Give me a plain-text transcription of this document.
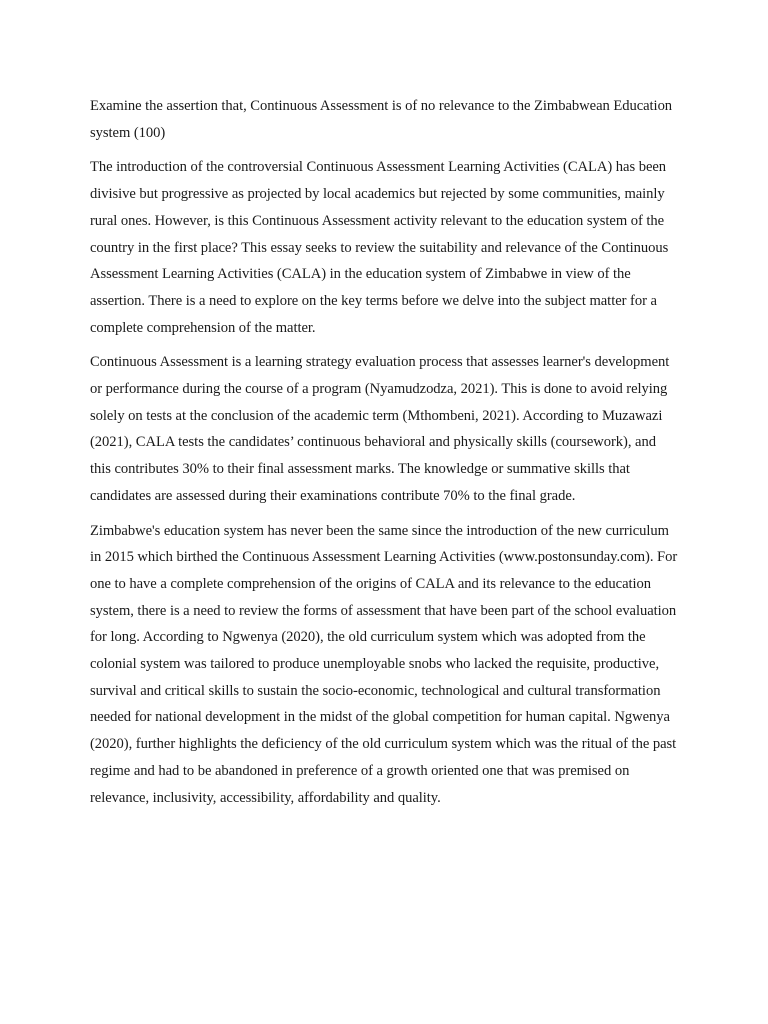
Examine the assertion that, Continuous Assessment is of no relevance to the Zimbabwean Education system (100)

The introduction of the controversial Continuous Assessment Learning Activities (CALA) has been divisive but progressive as projected by local academics but rejected by some communities, mainly rural ones. However, is this Continuous Assessment activity relevant to the education system of the country in the first place? This essay seeks to review the suitability and relevance of the Continuous Assessment Learning Activities (CALA) in the education system of Zimbabwe in view of the assertion. There is a need to explore on the key terms before we delve into the subject matter for a complete comprehension of the matter.

Continuous Assessment is a learning strategy evaluation process that assesses learner's development or performance during the course of a program (Nyamudzodza, 2021). This is done to avoid relying solely on tests at the conclusion of the academic term (Mthombeni, 2021). According to Muzawazi (2021), CALA tests the candidates’ continuous behavioral and physically skills (coursework), and this contributes 30% to their final assessment marks. The knowledge or summative skills that candidates are assessed during their examinations contribute 70% to the final grade.

Zimbabwe's education system has never been the same since the introduction of the new curriculum in 2015 which birthed the Continuous Assessment Learning Activities (www.postonsunday.com). For one to have a complete comprehension of the origins of CALA and its relevance to the education system, there is a need to review the forms of assessment that have been part of the school evaluation for long. According to Ngwenya (2020), the old curriculum system which was adopted from the colonial system was tailored to produce unemployable snobs who lacked the requisite, productive, survival and critical skills to sustain the socio-economic, technological and cultural transformation needed for national development in the midst of the global competition for human capital. Ngwenya (2020), further highlights the deficiency of the old curriculum system which was the ritual of the past regime and had to be abandoned in preference of a growth oriented one that was premised on relevance, inclusivity, accessibility, affordability and quality.
